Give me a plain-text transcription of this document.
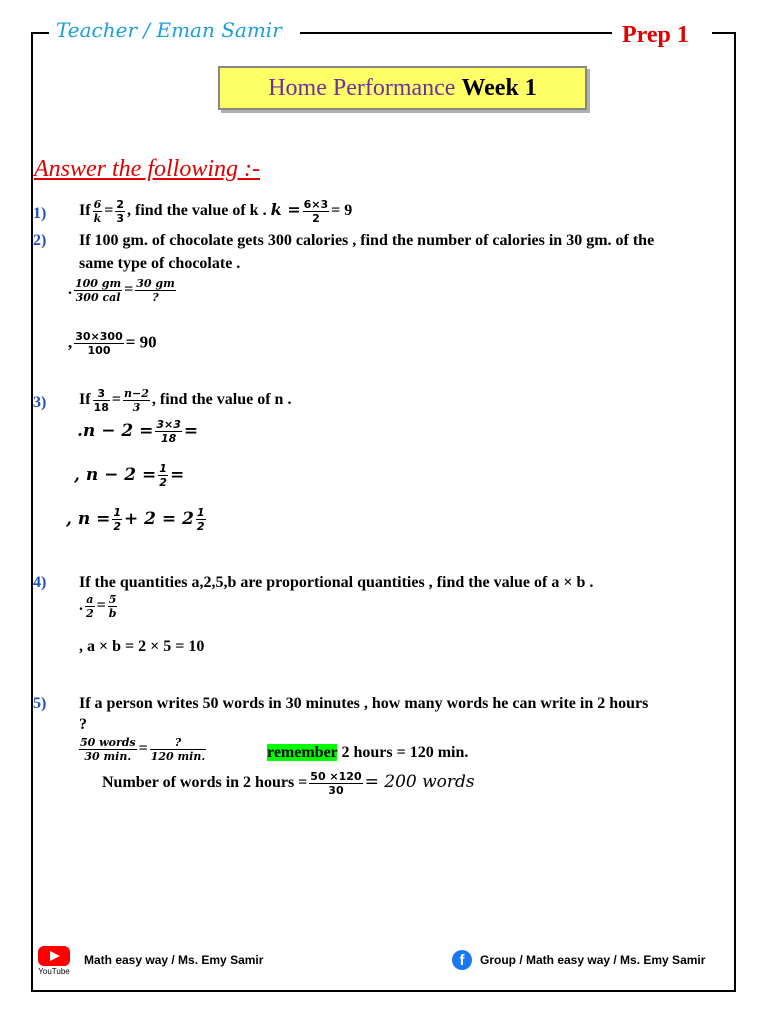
Teacher / Eman Samir	Prep 1
Home Performance Week 1
Answer the following :-
1) If $\frac{6}{k} = \frac{2}{3}$ , find the value of k . $k = \frac{6\times 3}{2} = 9$
2) If 100 gm. of chocolate gets 300 calories , find the number of calories in 30 gm. of the
same type of chocolate .
. $\frac{100 gm}{\text{300 cal}} = \frac{30 gm}{?}$
, $\frac{30\times 300}{100} = 90$
3) If $\frac{3}{18} = \frac{n-2}{3}$ , find the value of n .
$.n - 2 = \frac{3\times 3}{18}$ =
, $n - 2 = \frac{1}{2}$ =
, $n = \frac{1}{2} + 2 = 2 \frac{1}{2}$
4) If the quantities a,2,5,b are proportional quantities , find the value of a × b .
. $\frac{a}{2} = \frac{5}{b}$
, a × b = 2 × 5 = 10
5) If a person writes 50 words in 30 minutes , how many words he can write in 2 hours
?
$\frac{\text{50 words}}{30 \min.} = \frac{?}{120 \min.}$	remember 2 hours = 120 min.
Number of words in 2 hours = $\frac{50 \times 120}{30} = 200$ words
YouTube
Math easy way / Ms. Emy Samir	f	Group / Math easy way / Ms. Emy Samir
